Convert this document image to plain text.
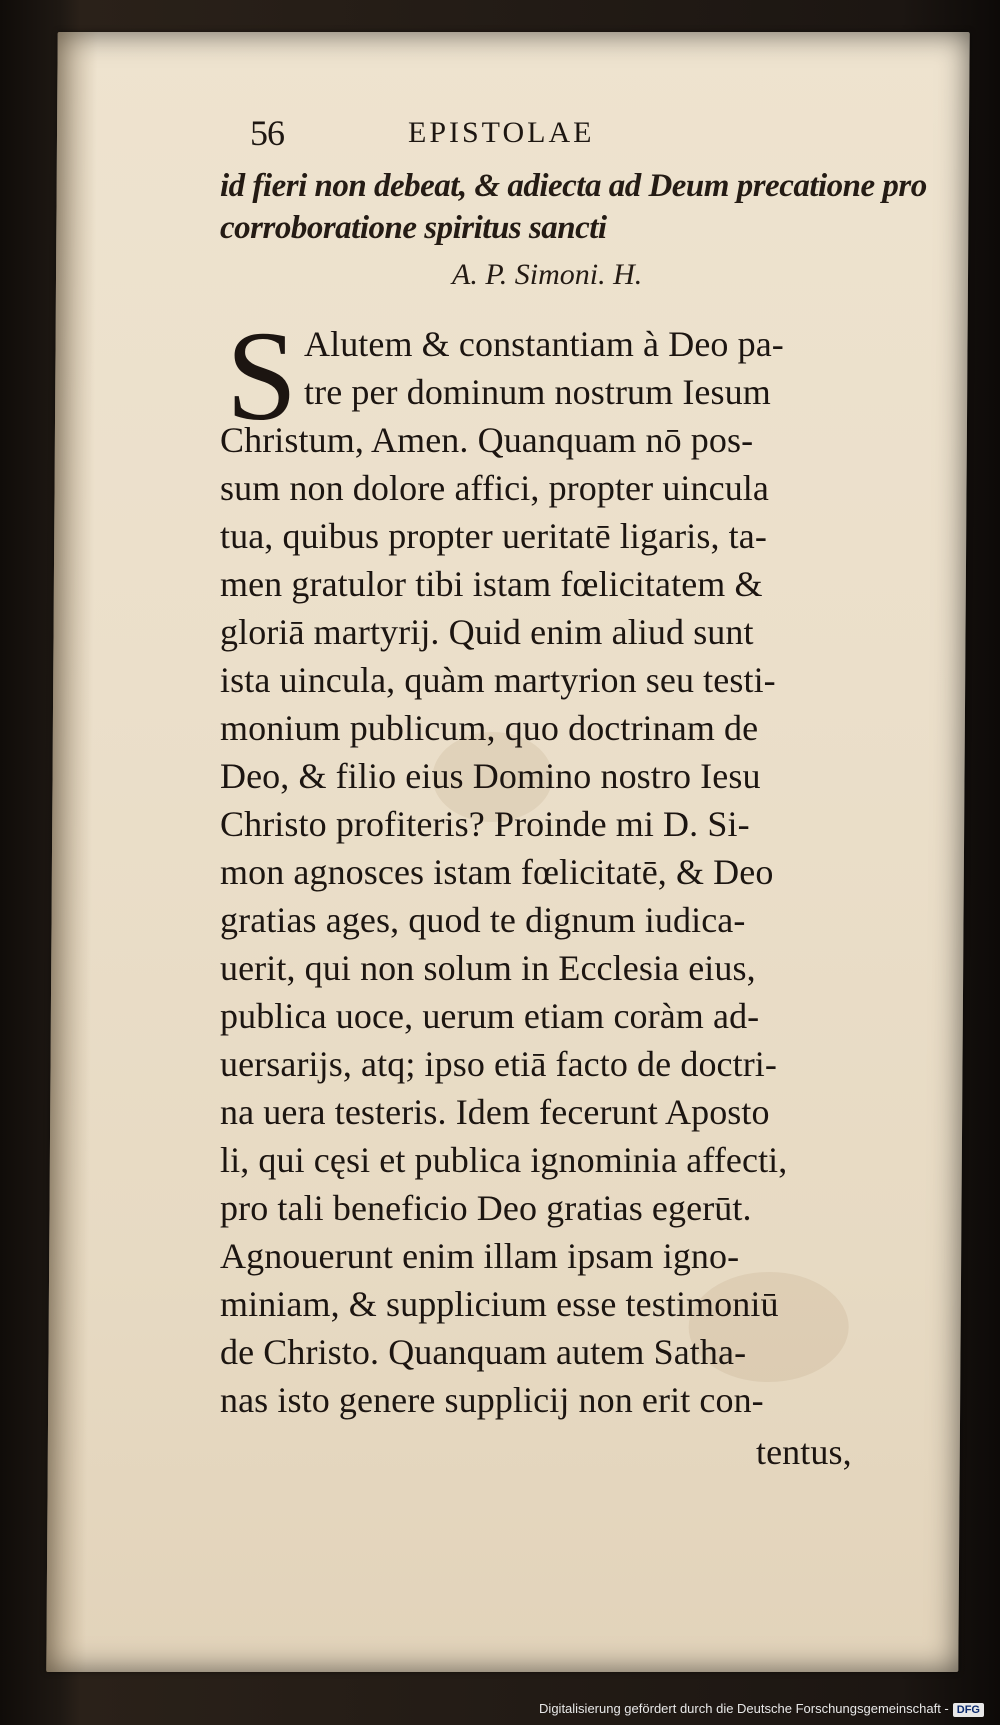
56	EPISTOLAE
id fieri non debeat, & adiecta ad Deum precatione pro
corroboratione spiritus sancti
A. P. Simoni. H.
S Alutem & constantiam à Deo pa-
tre per dominum nostrum Iesum
Christum, Amen. Quanquam nō pos-
sum non dolore affici, propter uincula
tua, quibus propter ueritatē ligaris, ta-
men gratulor tibi istam fœlicitatem &
gloriā martyrij. Quid enim aliud sunt
ista uincula, quàm martyrion seu testi-
monium publicum, quo doctrinam de
Deo, & filio eius Domino nostro Iesu
Christo profiteris? Proinde mi D. Si-
mon agnosces istam fœlicitatē, & Deo
gratias ages, quod te dignum iudica-
uerit, qui non solum in Ecclesia eius,
publica uoce, uerum etiam coràm ad-
uersarijs, atq; ipso etiā facto de doctri-
na uera testeris. Idem fecerunt Aposto
li, qui cęsi et publica ignominia affecti,
pro tali beneficio Deo gratias egerūt.
Agnouerunt enim illam ipsam igno-
miniam, & supplicium esse testimoniū
de Christo. Quanquam autem Satha-
nas isto genere supplicij non erit con-
tentus,
Digitalisierung gefördert durch die Deutsche Forschungsgemeinschaft - DFG
